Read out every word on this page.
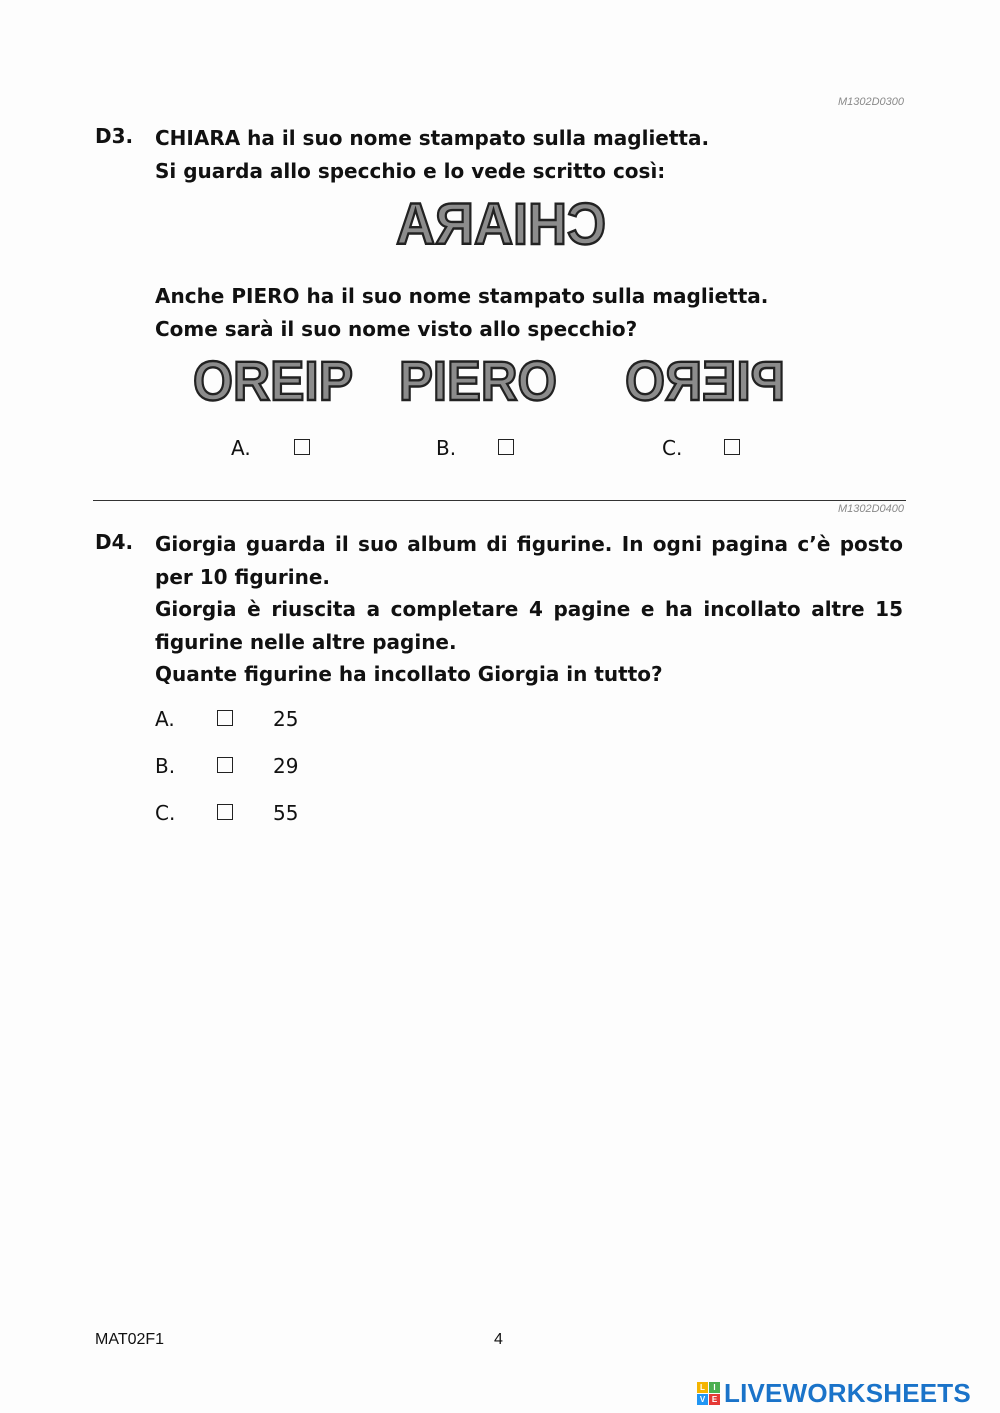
M1302D0300
D3. CHIARA ha il suo nome stampato sulla maglietta.
Si guarda allo specchio e lo vede scritto così:
CHIARA
Anche PIERO ha il suo nome stampato sulla maglietta.
Come sarà il suo nome visto allo specchio?
OREIP PIERO PIERO
A.	B.	C.
M1302D0400
D4. Giorgia guarda il suo album di figurine. In ogni pagina c’è posto per 10 figurine.
Giorgia è riuscita a completare 4 pagine e ha incollato altre 15 figurine nelle altre pagine.
Quante figurine ha incollato Giorgia in tutto?
A.	25
B.	29
C.	55
MAT02F1	4
L	I
V E LIVEWORKSHEETS
